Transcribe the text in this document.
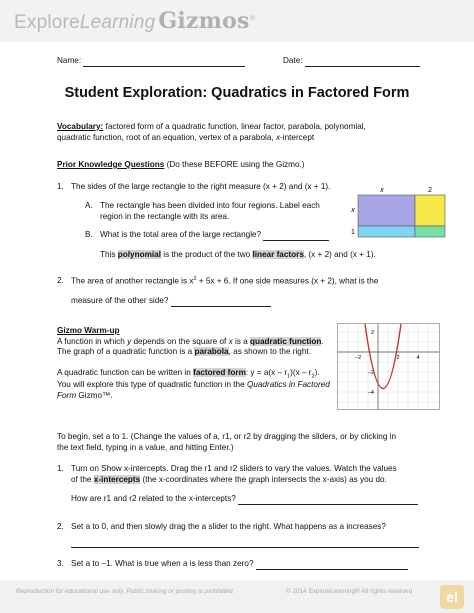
ExploreLearning Gizmos®
Name:	Date:
Student Exploration: Quadratics in Factored Form
Vocabulary: factored form of a quadratic function, linear factor, parabola, polynomial,
quadratic function, root of an equation, vertex of a parabola, x-intercept
Prior Knowledge Questions (Do these BEFORE using the Gizmo.)
1. The sides of the large rectangle to the right measure (x + 2) and (x + 1).
A. The rectangle has been divided into four regions. Label each
region in the rectangle with its area.
B. What is the total area of the large rectangle?
This polynomial is the product of the two linear factors, (x + 2) and (x + 1).
x	2
x
1
2. The area of another rectangle is $x^2 + 5x + 6$. If one side measures (x + 2), what is the
measure of the other side?
Gizmo Warm-up
A function in which y depends on the square of x is a quadratic function.
The graph of a quadratic function is a parabola, as shown to the right.
A quadratic function can be written in factored form: $y = a(x - r_1)(x - r_2)$.
You will explore this type of quadratic function in the Quadratics in Factored
Form Gizmo™.
−2	2	4
2
−2
−4
To begin, set a to 1. (Change the values of a, r1, or r2 by dragging the sliders, or by clicking in
the text field, typing in a value, and hitting Enter.)
1. Turn on Show x-intercepts. Drag the r1 and r2 sliders to vary the values. Watch the values
of the x-intercepts (the x-coordinates where the graph intersects the x-axis) as you do.
How are r1 and r2 related to the x-intercepts?
2. Set a to 0, and then slowly drag the a slider to the right. What happens as a increases?
3. Set a to –1. What is true when a is less than zero?
Reproduction for educational use only. Public sharing or posting is prohibited.	© 2014 ExploreLearning® All rights reserved	el
